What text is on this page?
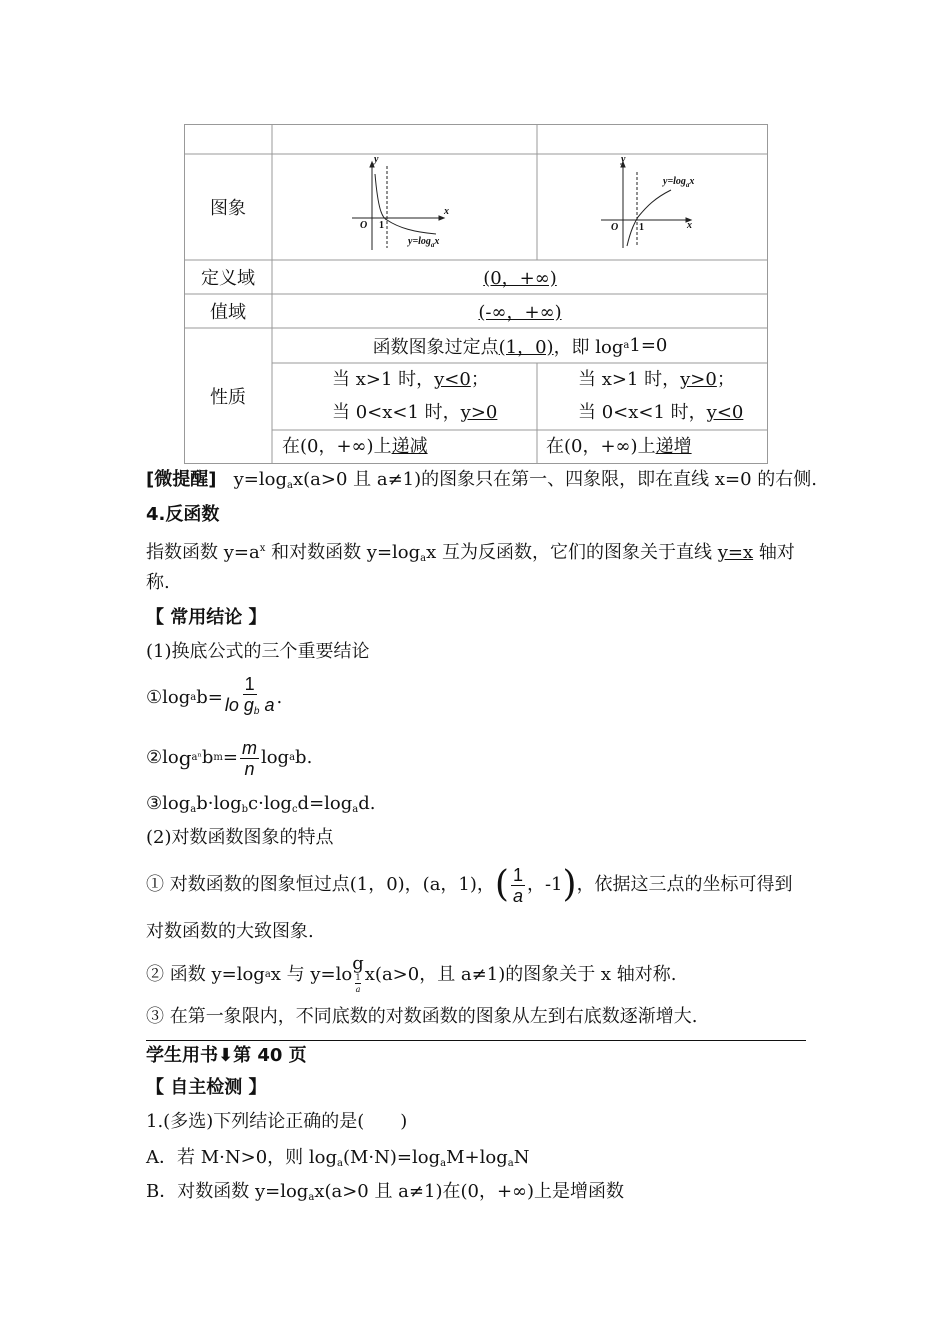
图象
定义域
值域
性质
y
x
O 1
$y=\log_ax$
y
x
O 1
$y=\log_ax$
(0，+∞)
(-∞，+∞)
函数图象过定点 (1，0) ，即 log a 1=0
当 x>1 时，y<0；
当 0<x<1 时，y>0
当 x>1 时，y>0；
当 0<x<1 时，y<0
在(0，+∞)上递减	在(0，+∞)上递增
[微提醒] $y=\log_ax(a>0$ 且 a≠1)的图象只在第一、四象限，即在直线 x=0 的右侧.
4.反函数
指数函数 $y=a^x$ 和对数函数 $y=\log_ax$ 互为反函数，它们的图象关于直线 y=x 轴对
称.
【 常用结论 】
(1)换底公式的三个重要结论
①log a $b= \frac{1}{lo g_b a}$ .
②lo g aⁿ b $m = \frac{m}{n}$ log a b.
$③\log_ab\cdot\log_bc\cdot\log_cd=\log_ad$.
(2)对数函数图象的特点
① 对数函数的图象恒过点(1，0)，(a，1)， ( $\frac{1}{a}$ ，-1 ) ，依据这三点的坐标可得到
对数函数的大致图象.
② 函数 y=log a x 与 y=lo
g
1
a
x(a>0，且 a≠1)的图象关于 x 轴对称.
③ 在第一象限内，不同底数的对数函数的图象从左到右底数逐渐增大.
学生用书⬇第 40 页
【 自主检测 】
1.(多选)下列结论正确的是(　　)
A．若 M·N>0，则 $\log_a(M\cdot N)=\log_aM+\log_aN$
B．对数函数 $y=\log_ax(a>0$ 且 a≠1)在(0，+∞)上是增函数
